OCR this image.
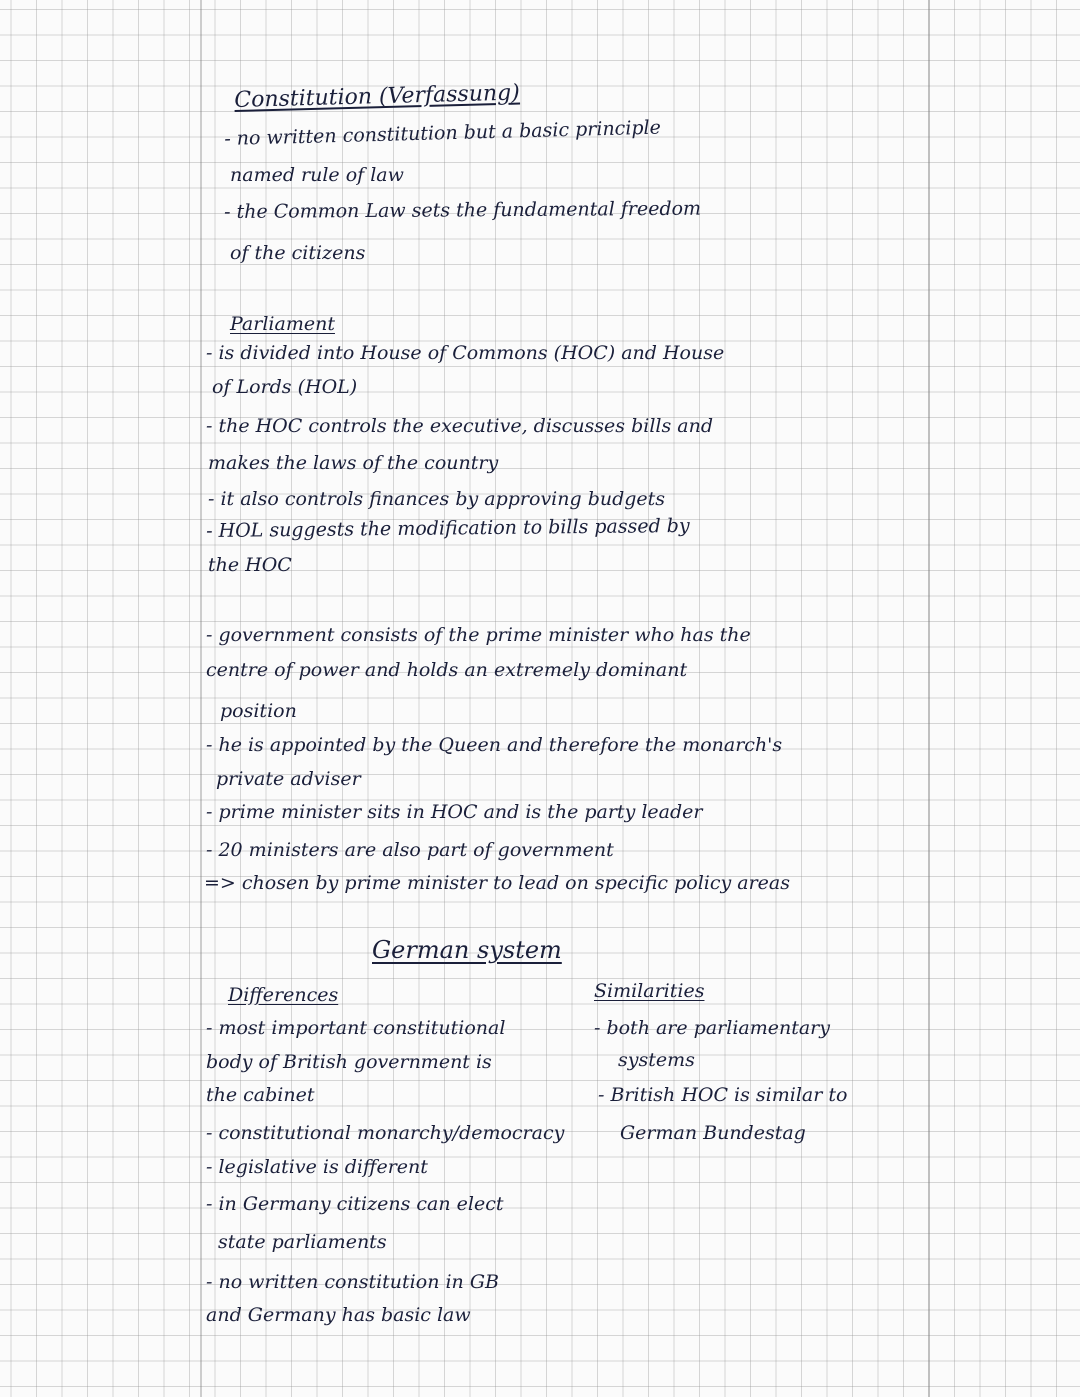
Constitution (Verfassung)
- no written constitution but a basic principle
named rule of law
- the Common Law sets the fundamental freedom
of the citizens
Parliament
- is divided into House of Commons (HOC) and House
of Lords (HOL)
- the HOC controls the executive, discusses bills and
makes the laws of the country
- it also controls finances by approving budgets
- HOL suggests the modification to bills passed by
the HOC
- government consists of the prime minister who has the
centre of power and holds an extremely dominant
position
- he is appointed by the Queen and therefore the monarch's
private adviser
- prime minister sits in HOC and is the party leader
- 20 ministers are also part of government
=> chosen by prime minister to lead on specific policy areas
German system
Differences
- most important constitutional
body of British government is
the cabinet
- constitutional monarchy/democracy
- legislative is different
- in Germany citizens can elect
state parliaments
- no written constitution in GB
and Germany has basic law
Similarities
- both are parliamentary
systems
- British HOC is similar to
German Bundestag
